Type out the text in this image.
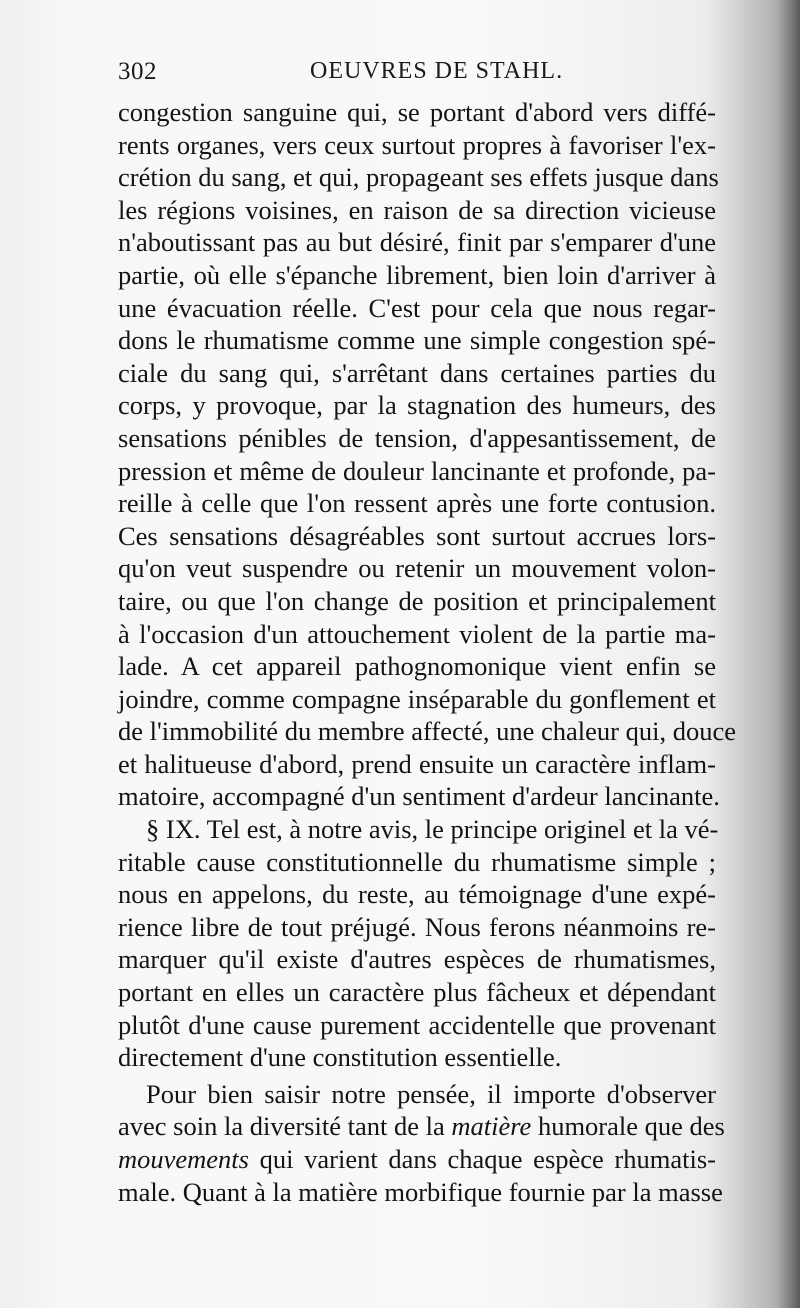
302	OEUVRES DE STAHL.
congestion sanguine qui, se portant d'abord vers diffé-
rents organes, vers ceux surtout propres à favoriser l'ex-
crétion du sang, et qui, propageant ses effets jusque dans
les régions voisines, en raison de sa direction vicieuse
n'aboutissant pas au but désiré, finit par s'emparer d'une
partie, où elle s'épanche librement, bien loin d'arriver à
une évacuation réelle. C'est pour cela que nous regar-
dons le rhumatisme comme une simple congestion spé-
ciale du sang qui, s'arrêtant dans certaines parties du
corps, y provoque, par la stagnation des humeurs, des
sensations pénibles de tension, d'appesantissement, de
pression et même de douleur lancinante et profonde, pa-
reille à celle que l'on ressent après une forte contusion.
Ces sensations désagréables sont surtout accrues lors-
qu'on veut suspendre ou retenir un mouvement volon-
taire, ou que l'on change de position et principalement
à l'occasion d'un attouchement violent de la partie ma-
lade. A cet appareil pathognomonique vient enfin se
joindre, comme compagne inséparable du gonflement et
de l'immobilité du membre affecté, une chaleur qui, douce
et halitueuse d'abord, prend ensuite un caractère inflam-
matoire, accompagné d'un sentiment d'ardeur lancinante.
§ IX. Tel est, à notre avis, le principe originel et la vé-
ritable cause constitutionnelle du rhumatisme simple ;
nous en appelons, du reste, au témoignage d'une expé-
rience libre de tout préjugé. Nous ferons néanmoins re-
marquer qu'il existe d'autres espèces de rhumatismes,
portant en elles un caractère plus fâcheux et dépendant
plutôt d'une cause purement accidentelle que provenant
directement d'une constitution essentielle.
Pour bien saisir notre pensée, il importe d'observer
avec soin la diversité tant de la matière humorale que des
mouvements qui varient dans chaque espèce rhumatis-
male. Quant à la matière morbifique fournie par la masse
